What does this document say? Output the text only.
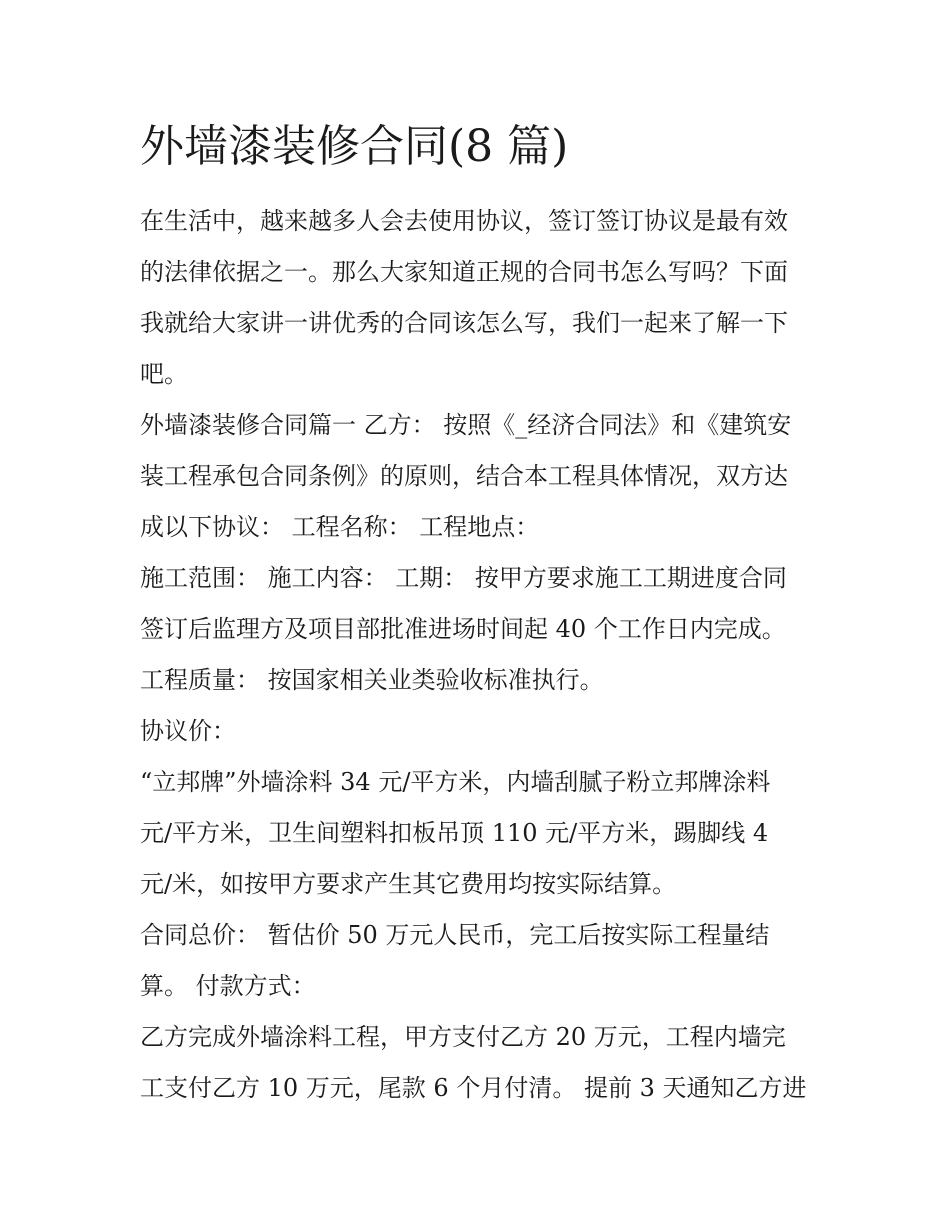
外墙漆装修合同(8 篇)
在生活中，越来越多人会去使用协议，签订签订协议是最有效
的法律依据之一。那么大家知道正规的合同书怎么写吗？下面
我就给大家讲一讲优秀的合同该怎么写，我们一起来了解一下
吧。
外墙漆装修合同篇一 乙方： 按照《_经济合同法》和《建筑安
装工程承包合同条例》的原则，结合本工程具体情况，双方达
成以下协议： 工程名称： 工程地点：
施工范围： 施工内容： 工期： 按甲方要求施工工期进度合同
签订后监理方及项目部批准进场时间起 40 个工作日内完成。
工程质量： 按国家相关业类验收标准执行。
协议价：
“立邦牌”外墙涂料 34 元/平方米，内墙刮腻子粉立邦牌涂料
元/平方米，卫生间塑料扣板吊顶 110 元/平方米，踢脚线 4
元/米，如按甲方要求产生其它费用均按实际结算。
合同总价： 暂估价 50 万元人民币，完工后按实际工程量结
算。 付款方式：
乙方完成外墙涂料工程，甲方支付乙方 20 万元，工程内墙完
工支付乙方 10 万元，尾款 6 个月付清。 提前 3 天通知乙方进
